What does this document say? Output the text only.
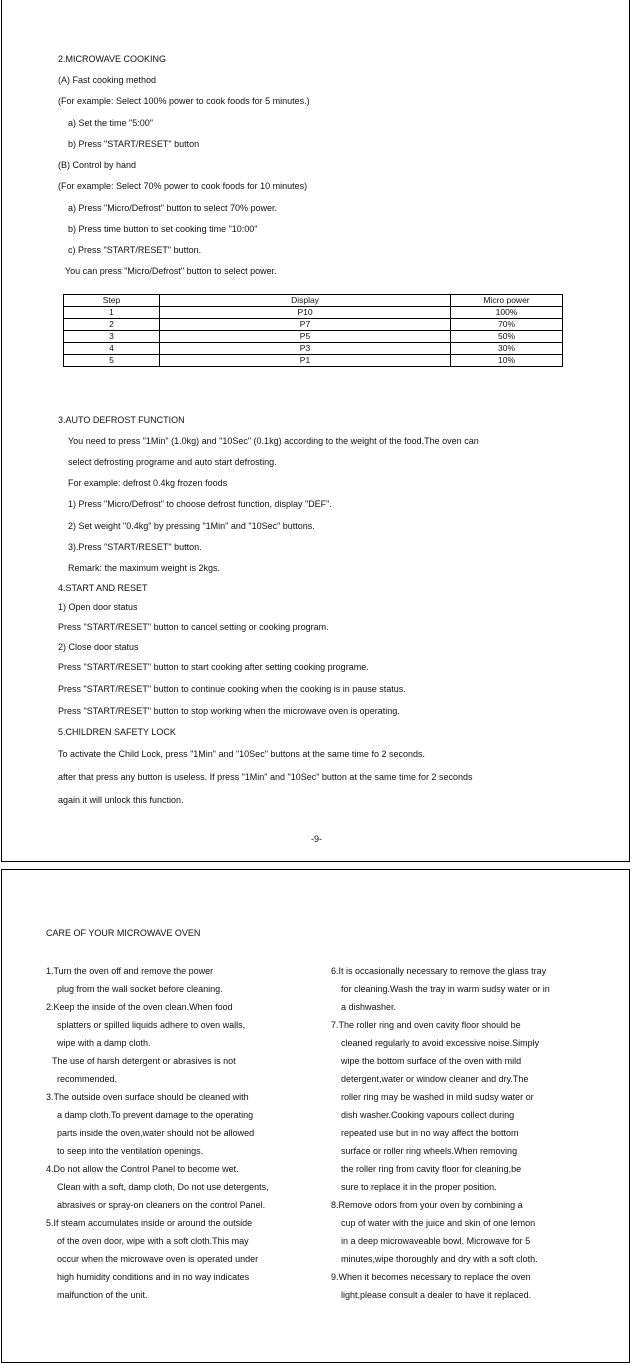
2.MICROWAVE COOKING
(A) Fast cooking method
(For example: Select 100% power to cook foods for 5 minutes.)
a) Set the time "5:00"
b) Press "START/RESET" button
(B) Control by hand
(For example: Select 70% power to cook foods for 10 minutes)
a) Press "Micro/Defrost" button to select 70% power.
b) Press time button to set cooking time "10:00"
c) Press "START/RESET" button.
You can press "Micro/Defrost" button to select power.
Step	Display	Micro power
1	P10	100%
2	P7	70%
3	P5	50%
4	P3	30%
5	P1	10%
3.AUTO DEFROST FUNCTION
You need to press "1Min" (1.0kg) and "10Sec" (0.1kg) according to the weight of the food.The oven can
select defrosting programe and auto start defrosting.
For example: defrost 0.4kg frozen foods
1) Press "Micro/Defrost" to choose defrost function, display "DEF".
2) Set weight "0.4kg" by pressing "1Min" and "10Sec" buttons.
3).Press "START/RESET" button.
Remark: the maximum weight is 2kgs.
4.START AND RESET
1) Open door status
Press "START/RESET" button to cancel setting or cooking program.
2) Close door status
Press "START/RESET" button to start cooking after setting cooking programe.
Press "START/RESET" button to continue cooking when the cooking is in pause status.
Press "START/RESET" button to stop working when the microwave oven is operating.
5.CHILDREN SAFETY LOCK
To activate the Child Lock, press "1Min" and "10Sec" buttons at the same time fo 2 seconds.
after that press any button is useless. If press "1Min" and "10Sec" button at the same time for 2 seconds
again it will unlock this function.
-9-
CARE OF YOUR MICROWAVE OVEN
1.Turn the oven off and remove the power
plug from the wall socket before cleaning.
2.Keep the inside of the oven clean.When food
splatters or spilled liquids adhere to oven walls,
wipe with a damp cloth.
The use of harsh detergent or abrasives is not
recommended.
3.The outside oven surface should be cleaned with
a damp cloth.To prevent damage to the operating
parts inside the oven,water should not be allowed
to seep into the ventilation openings.
4.Do not allow the Control Panel to become wet.
Clean with a soft, damp cloth, Do not use detergents,
abrasives or spray-on cleaners on the control Panel.
5.If steam accumulates inside or around the outside
of the oven door, wipe with a soft cloth.This may
occur when the microwave oven is operated under
high humidity conditions and in no way indicates
malfunction of the unit.
6.It is occasionally necessary to remove the glass tray
for cleaning.Wash the tray in warm sudsy water or in
a dishwasher.
7.The roller ring and oven cavity floor should be
cleaned regularly to avoid excessive noise.Simply
wipe the bottom surface of the oven with mild
detergent,water or window cleaner and dry.The
roller ring may be washed in mild sudsy water or
dish washer.Cooking vapours collect during
repeated use but in no way affect the bottom
surface or roller ring wheels.When removing
the roller ring from cavity floor for cleaning,be
sure to replace it in the proper position.
8.Remove odors from your oven by combining a
cup of water with the juice and skin of one lemon
in a deep microwaveable bowl. Microwave for 5
minutes,wipe thoroughly and dry with a soft cloth.
9.When it becomes necessary to replace the oven
light,please consult a dealer to have it replaced.
